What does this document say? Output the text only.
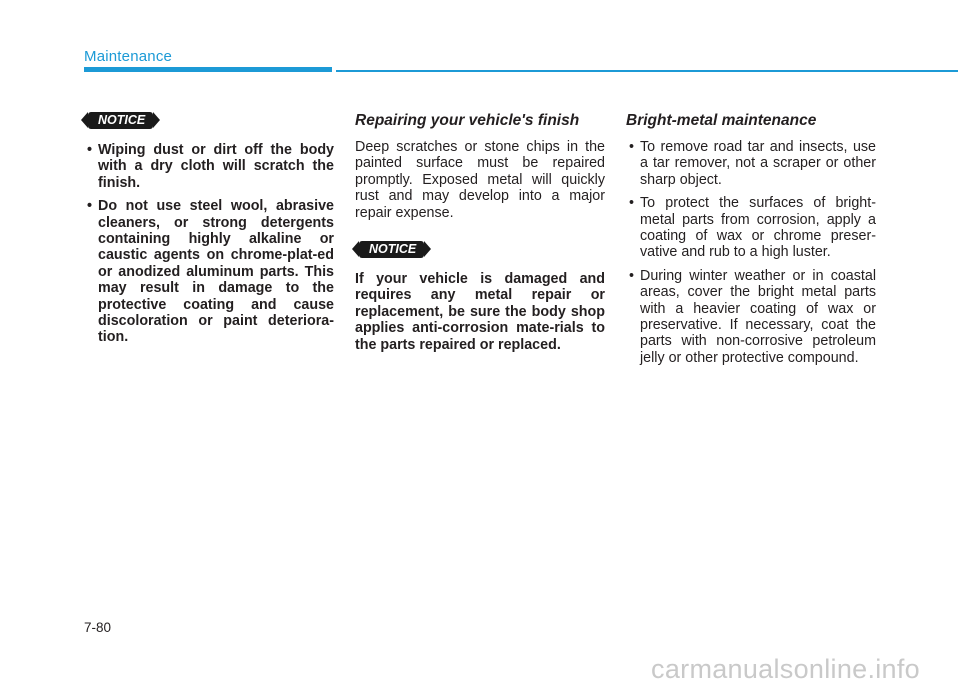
Maintenance
NOTICE
• Wiping dust or dirt off the body with a dry cloth will scratch the finish.
• Do not use steel wool, abrasive cleaners, or strong detergents containing highly alkaline or caustic agents on chrome-plat-ed or anodized aluminum parts. This may result in damage to the protective coating and cause discoloration or paint deteriora-tion.

Repairing your vehicle's finish

Deep scratches or stone chips in the painted surface must be repaired promptly. Exposed metal will quickly rust and may develop into a major repair expense.

NOTICE

If your vehicle is damaged and requires any metal repair or replacement, be sure the body shop applies anti-corrosion mate-rials to the parts repaired or replaced.

Bright-metal maintenance

• To remove road tar and insects, use a tar remover, not a scraper or other sharp object.
• To protect the surfaces of bright-metal parts from corrosion, apply a coating of wax or chrome preser-vative and rub to a high luster.
• During winter weather or in coastal areas, cover the bright metal parts with a heavier coating of wax or preservative. If necessary, coat the parts with non-corrosive petroleum jelly or other protective compound.
7-80
carmanualsonline.info
